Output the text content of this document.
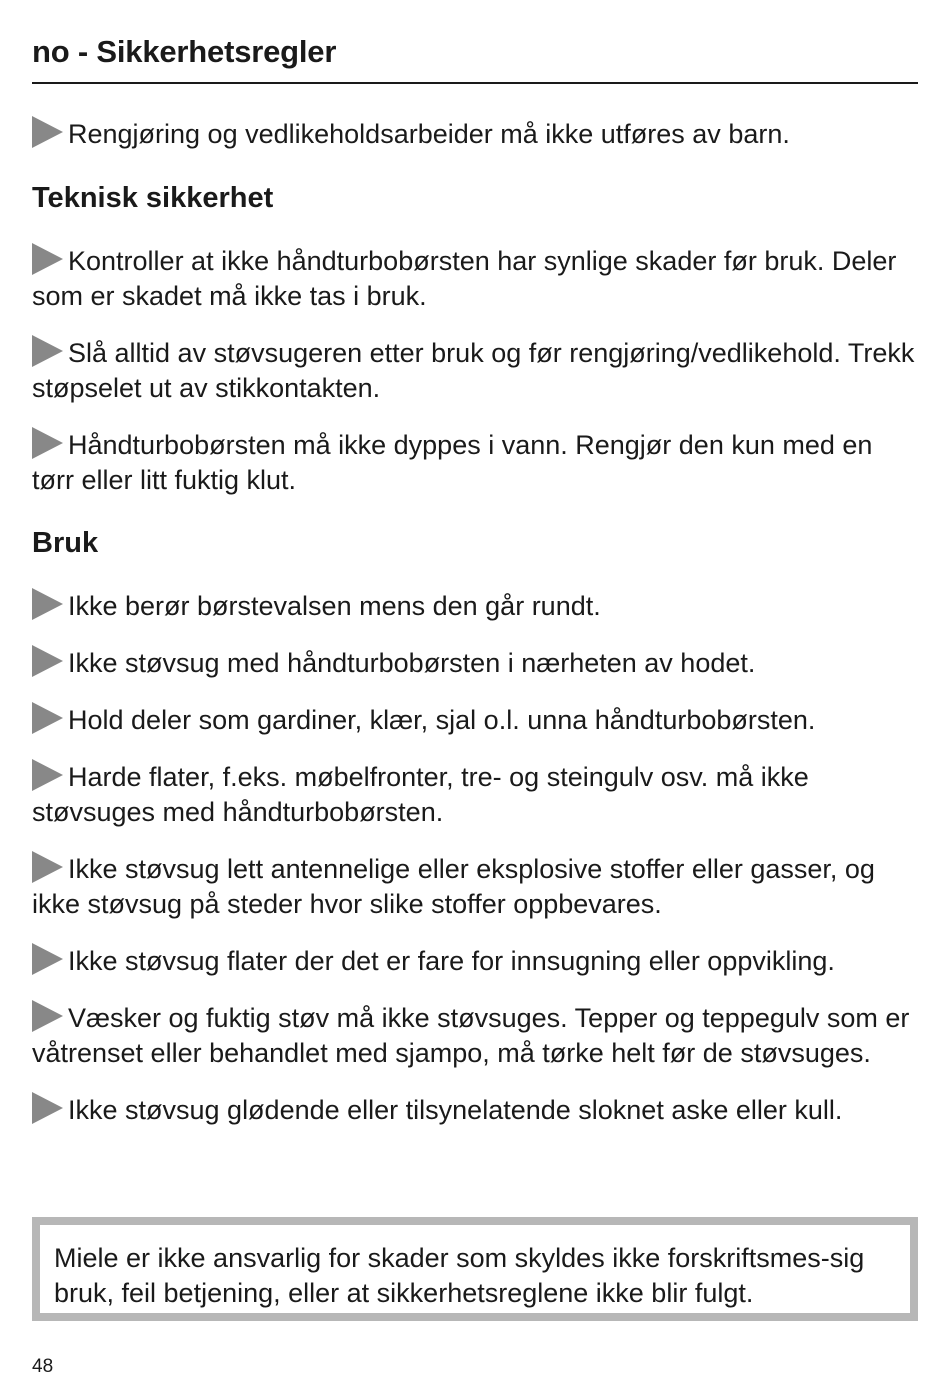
no - Sikkerhetsregler

Rengjøring og vedlikeholdsarbeider må ikke utføres av barn.

Teknisk sikkerhet

Kontroller at ikke håndturbobørsten har synlige skader før bruk. Deler som er skadet må ikke tas i bruk.

Slå alltid av støvsugeren etter bruk og før rengjøring/vedlikehold. Trekk støpselet ut av stikkontakten.

Håndturbobørsten må ikke dyppes i vann. Rengjør den kun med en tørr eller litt fuktig klut.

Bruk

Ikke berør børstevalsen mens den går rundt.

Ikke støvsug med håndturbobørsten i nærheten av hodet.

Hold deler som gardiner, klær, sjal o.l. unna håndturbobørsten.

Harde flater, f.eks. møbelfronter, tre- og steingulv osv. må ikke støvsuges med håndturbobørsten.

Ikke støvsug lett antennelige eller eksplosive stoffer eller gasser, og ikke støvsug på steder hvor slike stoffer oppbevares.

Ikke støvsug flater der det er fare for innsugning eller oppvikling.

Væsker og fuktig støv må ikke støvsuges. Tepper og teppegulv som er våtrenset eller behandlet med sjampo, må tørke helt før de støvsuges.

Ikke støvsug glødende eller tilsynelatende sloknet aske eller kull.

Miele er ikke ansvarlig for skader som skyldes ikke forskriftsmes-sig bruk, feil betjening, eller at sikkerhetsreglene ikke blir fulgt.
48
